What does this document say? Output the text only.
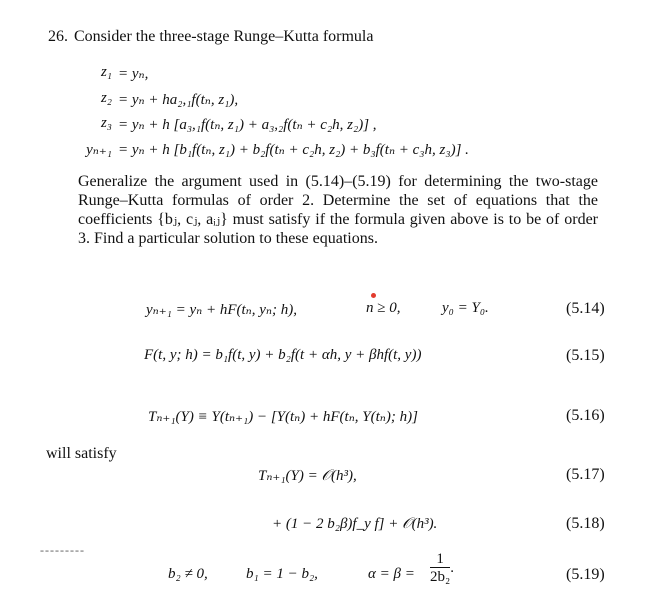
26. Consider the three-stage Runge–Kutta formula
z₁ = yₙ,
z₂ = yₙ + ha₂,₁f(tₙ, z₁),
z₃ = yₙ + h [a₃,₁f(tₙ, z₁) + a₃,₂f(tₙ + c₂h, z₂)] ,
yₙ₊₁ = yₙ + h [b₁f(tₙ, z₁) + b₂f(tₙ + c₂h, z₂) + b₃f(tₙ + c₃h, z₃)] .

Generalize the argument used in (5.14)–(5.19) for determining the two-stage Runge–Kutta formulas of order 2. Determine the set of equations that the coefficients {bⱼ, cⱼ, aᵢⱼ} must satisfy if the formula given above is to be of order 3. Find a particular solution to these equations.

yₙ₊₁ = yₙ + hF(tₙ, yₙ; h),	n ≥ 0,	y₀ = Y₀.	(5.14)
F(t, y; h) = b₁f(t, y) + b₂f(t + αh, y + βhf(t, y))	(5.15)
Tₙ₊₁(Y) ≡ Y(tₙ₊₁) − [Y(tₙ) + hF(tₙ, Y(tₙ); h)]	(5.16)
will satisfy
Tₙ₊₁(Y) = 𝒪(h³),	(5.17)
+ (1 − 2 b₂β)f_y f] + 𝒪(h³).	(5.18)
---------
b₂ ≠ 0,	b₁ = 1 − b₂,	$\alpha = \beta = \frac{1}{\text{2b₂}}$ .	(5.19)
